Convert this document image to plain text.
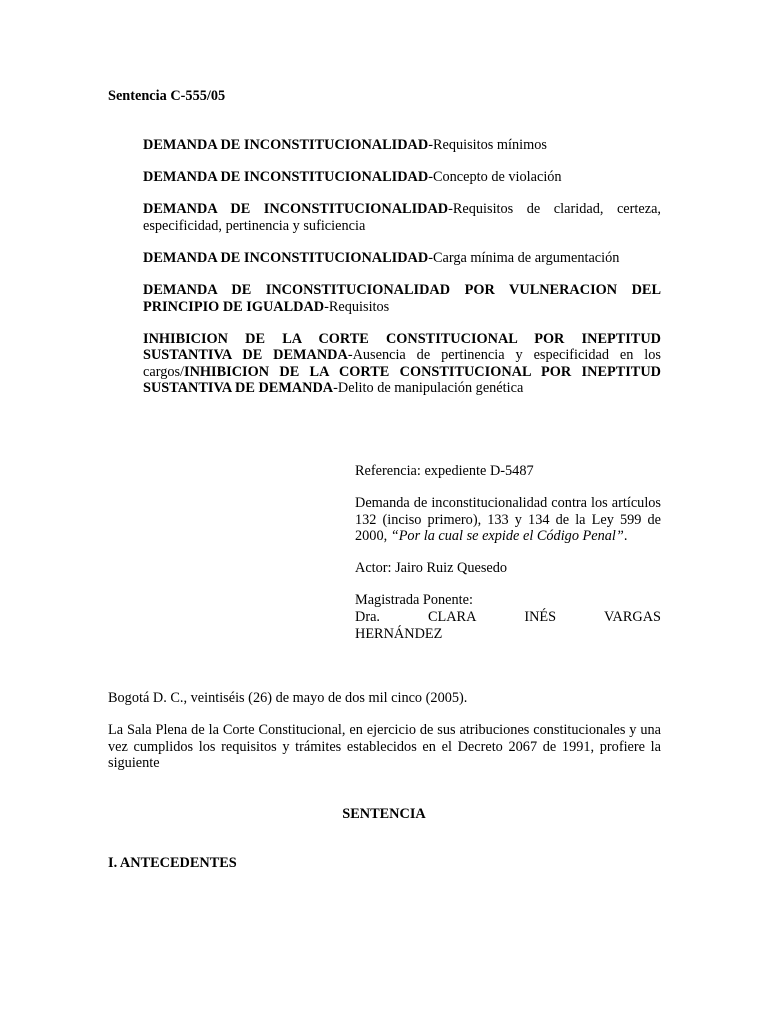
Sentencia C-555/05

DEMANDA DE INCONSTITUCIONALIDAD-Requisitos mínimos

DEMANDA DE INCONSTITUCIONALIDAD-Concepto de violación

DEMANDA DE INCONSTITUCIONALIDAD-Requisitos de claridad, certeza, especificidad, pertinencia y suficiencia

DEMANDA DE INCONSTITUCIONALIDAD-Carga mínima de argumentación

DEMANDA DE INCONSTITUCIONALIDAD POR VULNERACION DEL PRINCIPIO DE IGUALDAD-Requisitos

INHIBICION DE LA CORTE CONSTITUCIONAL POR INEPTITUD SUSTANTIVA DE DEMANDA-Ausencia de pertinencia y especificidad en los cargos/INHIBICION DE LA CORTE CONSTITUCIONAL POR INEPTITUD SUSTANTIVA DE DEMANDA-Delito de manipulación genética

Referencia: expediente D-5487

Demanda de inconstitucionalidad contra los artículos 132 (inciso primero), 133 y 134 de la Ley 599 de 2000, “Por la cual se expide el Código Penal”.

Actor: Jairo Ruiz Quesedo

Magistrada Ponente:
Dra.	CLARA	INÉS	VARGAS
HERNÁNDEZ

Bogotá D. C., veintiséis (26) de mayo de dos mil cinco (2005).

La Sala Plena de la Corte Constitucional, en ejercicio de sus atribuciones constitucionales y una vez cumplidos los requisitos y trámites establecidos en el Decreto 2067 de 1991, profiere la siguiente

SENTENCIA
I. ANTECEDENTES
